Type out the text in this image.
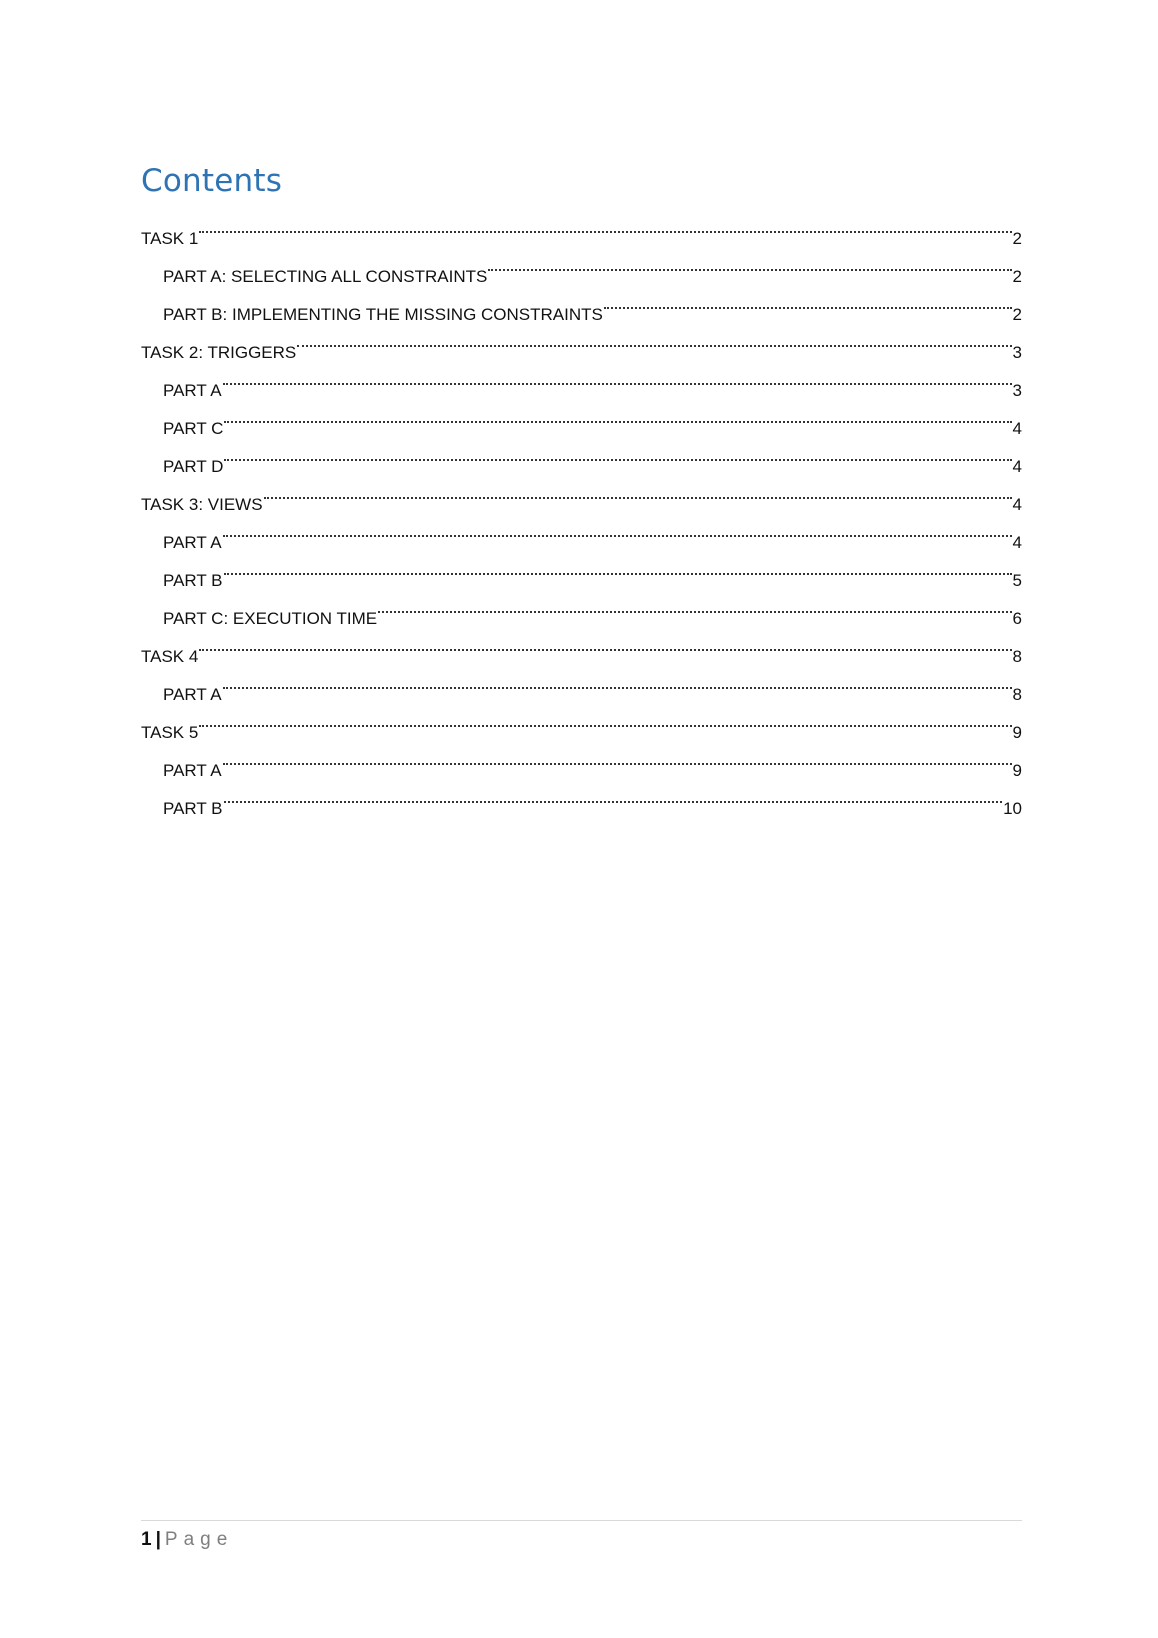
Contents
TASK 1	2
PART A: SELECTING ALL CONSTRAINTS	2
PART B: IMPLEMENTING THE MISSING CONSTRAINTS	2
TASK 2: TRIGGERS	3
PART A	3
PART C	4
PART D	4
TASK 3: VIEWS	4
PART A	4
PART B	5
PART C: EXECUTION TIME	6
TASK 4	8
PART A	8
TASK 5	9
PART A	9
PART B	10
1 | Page
